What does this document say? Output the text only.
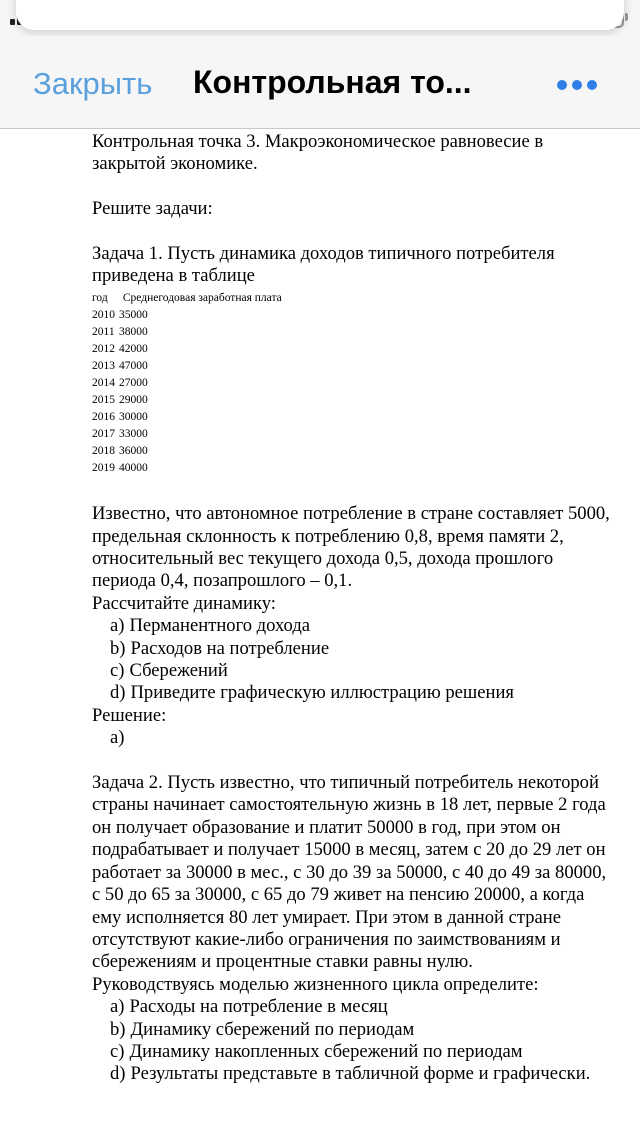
Закрыть Контрольная то...

Контрольная точка 3. Макроэкономическое равновесие в закрытой экономике.

Решите задачи:

Задача 1. Пусть динамика доходов типичного потребителя приведена в таблице

год Среднегодовая заработная плата
2010 35000
2011 38000
2012 42000
2013 47000
2014 27000
2015 29000
2016 30000
2017 33000
2018 36000
2019 40000

Известно, что автономное потребление в стране составляет 5000, предельная склонность к потреблению 0,8, время памяти 2, относительный вес текущего дохода 0,5, дохода прошлого периода 0,4, позапрошлого – 0,1.

Рассчитайте динамику:

a) Перманентного дохода
b) Расходов на потребление
c) Сбережений
d) Приведите графическую иллюстрацию решения

Решение:

a)

Задача 2. Пусть известно, что типичный потребитель некоторой страны начинает самостоятельную жизнь в 18 лет, первые 2 года он получает образование и платит 50000 в год, при этом он подрабатывает и получает 15000 в месяц, затем с 20 до 29 лет он работает за 30000 в мес., с 30 до 39 за 50000, с 40 до 49 за 80000, с 50 до 65 за 30000, с 65 до 79 живет на пенсию 20000, а когда ему исполняется 80 лет умирает. При этом в данной стране отсутствуют какие-либо ограничения по заимствованиям и сбережениям и процентные ставки равны нулю.

Руководствуясь моделью жизненного цикла определите:

a) Расходы на потребление в месяц
b) Динамику сбережений по периодам
c) Динамику накопленных сбережений по периодам
d) Результаты представьте в табличной форме и графически.
